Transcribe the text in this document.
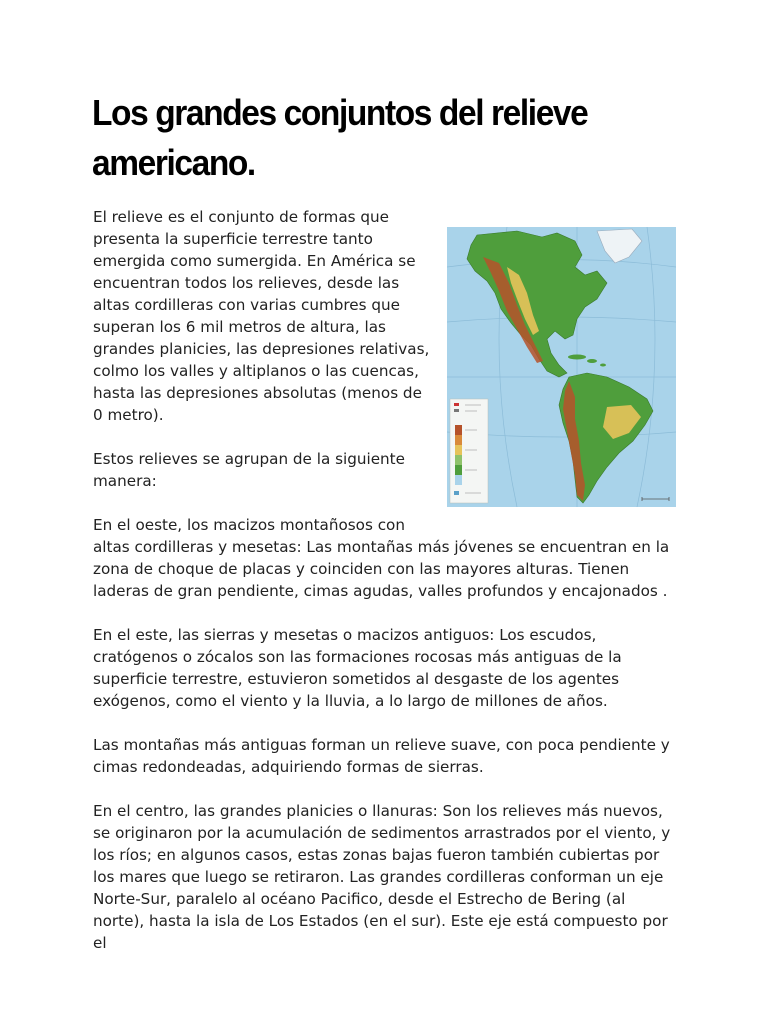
Los grandes conjuntos del relieve americano.

El relieve es el conjunto de formas que presenta la superficie terrestre tanto emergida como sumergida. En América se encuentran todos los relieves, desde las altas cordilleras con varias cumbres que superan los 6 mil metros de altura, las grandes planicies, las depresiones relativas, colmo los valles y altiplanos o las cuencas, hasta las depresiones absolutas (menos de 0 metro).

Estos relieves se agrupan de la siguiente manera:

En el oeste, los macizos montañosos con altas cordilleras y mesetas: Las montañas más jóvenes se encuentran en la zona de choque de placas y coinciden con las mayores alturas. Tienen laderas de gran pendiente, cimas agudas, valles profundos y encajonados .

En el este, las sierras y mesetas o macizos antiguos: Los escudos, cratógenos o zócalos son las formaciones rocosas más antiguas de la superficie terrestre, estuvieron sometidos al desgaste de los agentes exógenos, como el viento y la lluvia, a lo largo de millones de años.

Las montañas más antiguas forman un relieve suave, con poca pendiente y cimas redondeadas, adquiriendo formas de sierras.

En el centro, las grandes planicies o llanuras: Son los relieves más nuevos, se originaron por la acumulación de sedimentos arrastrados por el viento, y los ríos; en algunos casos, estas zonas bajas fueron también cubiertas por los mares que luego se retiraron. Las grandes cordilleras conforman un eje Norte-Sur, paralelo al océano Pacifico, desde el Estrecho de Bering (al norte), hasta la isla de Los Estados (en el sur). Este eje está compuesto por el
